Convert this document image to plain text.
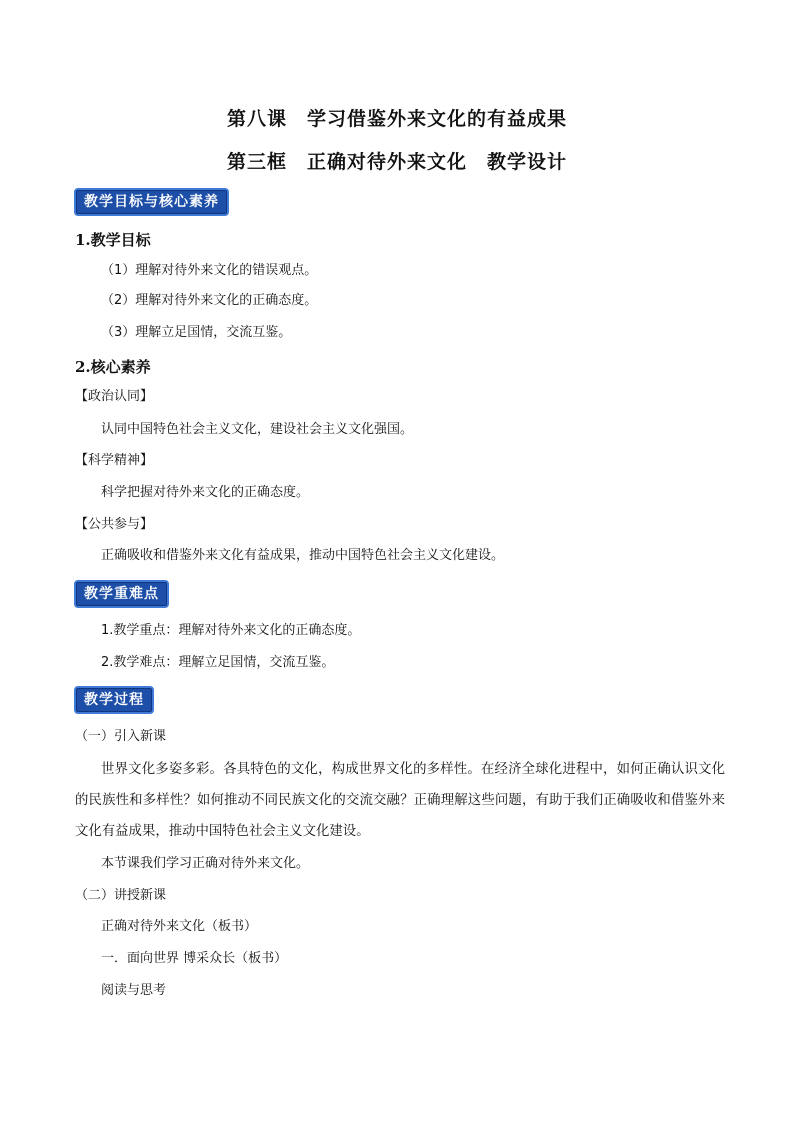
第八课　学习借鉴外来文化的有益成果
第三框　正确对待外来文化　教学设计
教学目标与核心素养
1.教学目标
（1）理解对待外来文化的错误观点。
（2）理解对待外来文化的正确态度。
（3）理解立足国情，交流互鉴。
2.核心素养
【政治认同】
认同中国特色社会主义文化，建设社会主义文化强国。
【科学精神】
科学把握对待外来文化的正确态度。
【公共参与】
正确吸收和借鉴外来文化有益成果，推动中国特色社会主义文化建设。
教学重难点
1.教学重点：理解对待外来文化的正确态度。
2.教学难点：理解立足国情，交流互鉴。
教学过程
（一）引入新课
世界文化多姿多彩。各具特色的文化，构成世界文化的多样性。在经济全球化进程中，如何正确认识文化的民族性和多样性？如何推动不同民族文化的交流交融？正确理解这些问题，有助于我们正确吸收和借鉴外来文化有益成果，推动中国特色社会主义文化建设。
本节课我们学习正确对待外来文化。
（二）讲授新课
正确对待外来文化（板书）
一．面向世界 博采众长（板书）
阅读与思考
